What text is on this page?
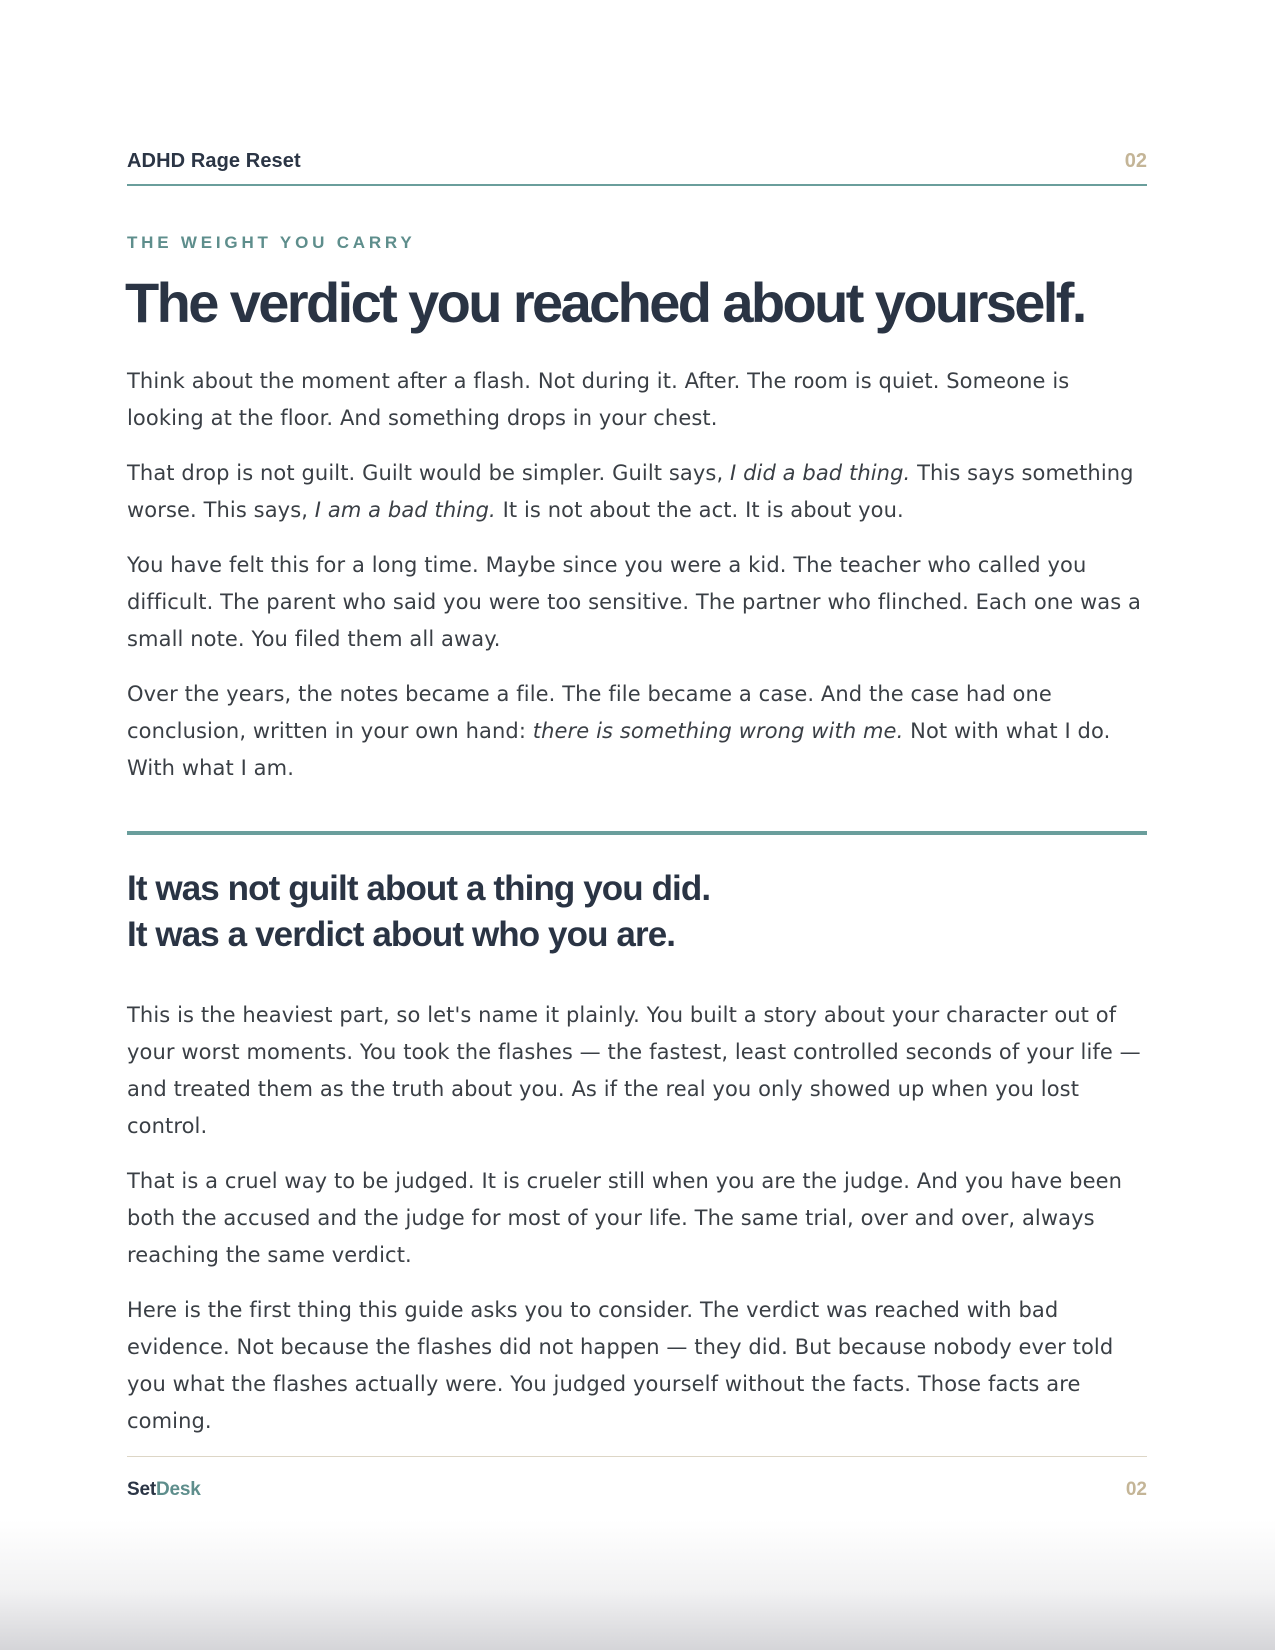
ADHD Rage Reset	02
THE WEIGHT YOU CARRY
The verdict you reached about yourself.

Think about the moment after a flash. Not during it. After. The room is quiet. Someone is looking at the floor. And something drops in your chest.

That drop is not guilt. Guilt would be simpler. Guilt says, I did a bad thing. This says something worse. This says, I am a bad thing. It is not about the act. It is about you.

You have felt this for a long time. Maybe since you were a kid. The teacher who called you difficult. The parent who said you were too sensitive. The partner who flinched. Each one was a small note. You filed them all away.

Over the years, the notes became a file. The file became a case. And the case had one conclusion, written in your own hand: there is something wrong with me. Not with what I do. With what I am.

It was not guilt about a thing you did.
It was a verdict about who you are.

This is the heaviest part, so let's name it plainly. You built a story about your character out of your worst moments. You took the flashes — the fastest, least controlled seconds of your life — and treated them as the truth about you. As if the real you only showed up when you lost control.

That is a cruel way to be judged. It is crueler still when you are the judge. And you have been both the accused and the judge for most of your life. The same trial, over and over, always reaching the same verdict.

Here is the first thing this guide asks you to consider. The verdict was reached with bad evidence. Not because the flashes did not happen — they did. But because nobody ever told you what the flashes actually were. You judged yourself without the facts. Those facts are coming.

SetDesk	02
